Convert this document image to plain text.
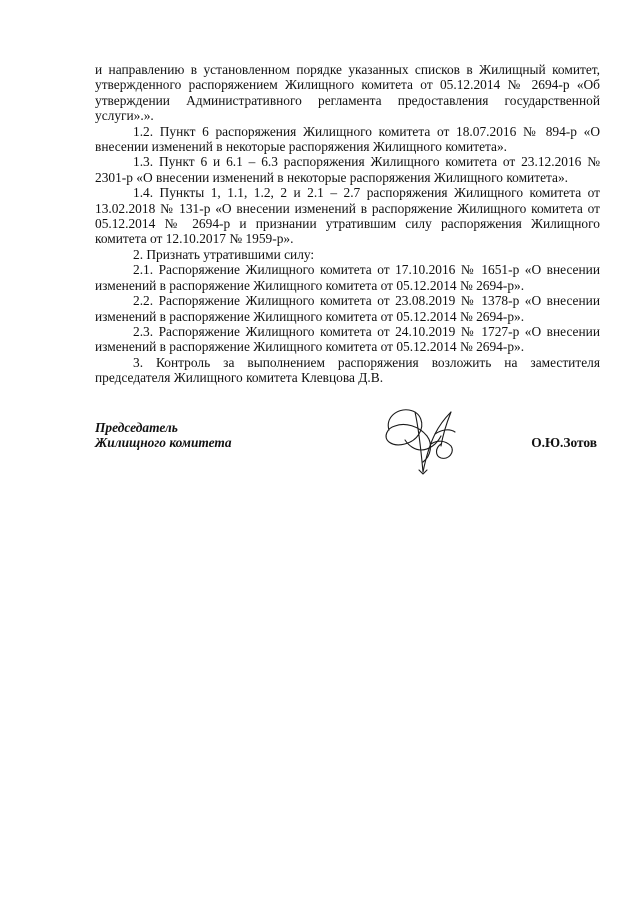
и направлению в установленном порядке указанных списков в Жилищный комитет, утвержденного распоряжением Жилищного комитета от 05.12.2014 № 2694-р «Об утверждении Административного регламента предоставления государственной услуги».».

1.2. Пункт 6 распоряжения Жилищного комитета от 18.07.2016 № 894-р «О внесении изменений в некоторые распоряжения Жилищного комитета».

1.3. Пункт 6 и 6.1 – 6.3 распоряжения Жилищного комитета от 23.12.2016 № 2301-р «О внесении изменений в некоторые распоряжения Жилищного комитета».

1.4. Пункты 1, 1.1, 1.2, 2 и 2.1 – 2.7 распоряжения Жилищного комитета от 13.02.2018 № 131-р «О внесении изменений в распоряжение Жилищного комитета от 05.12.2014 № 2694-р и признании утратившим силу распоряжения Жилищного комитета от 12.10.2017 № 1959-р».

2. Признать утратившими силу:

2.1. Распоряжение Жилищного комитета от 17.10.2016 № 1651-р «О внесении изменений в распоряжение Жилищного комитета от 05.12.2014 № 2694-р».

2.2. Распоряжение Жилищного комитета от 23.08.2019 № 1378-р «О внесении изменений в распоряжение Жилищного комитета от 05.12.2014 № 2694-р».

2.3. Распоряжение Жилищного комитета от 24.10.2019 № 1727-р «О внесении изменений в распоряжение Жилищного комитета от 05.12.2014 № 2694-р».

3. Контроль за выполнением распоряжения возложить на заместителя председателя Жилищного комитета Клевцова Д.В.

Председатель
Жилищного комитета	О.Ю.Зотов
